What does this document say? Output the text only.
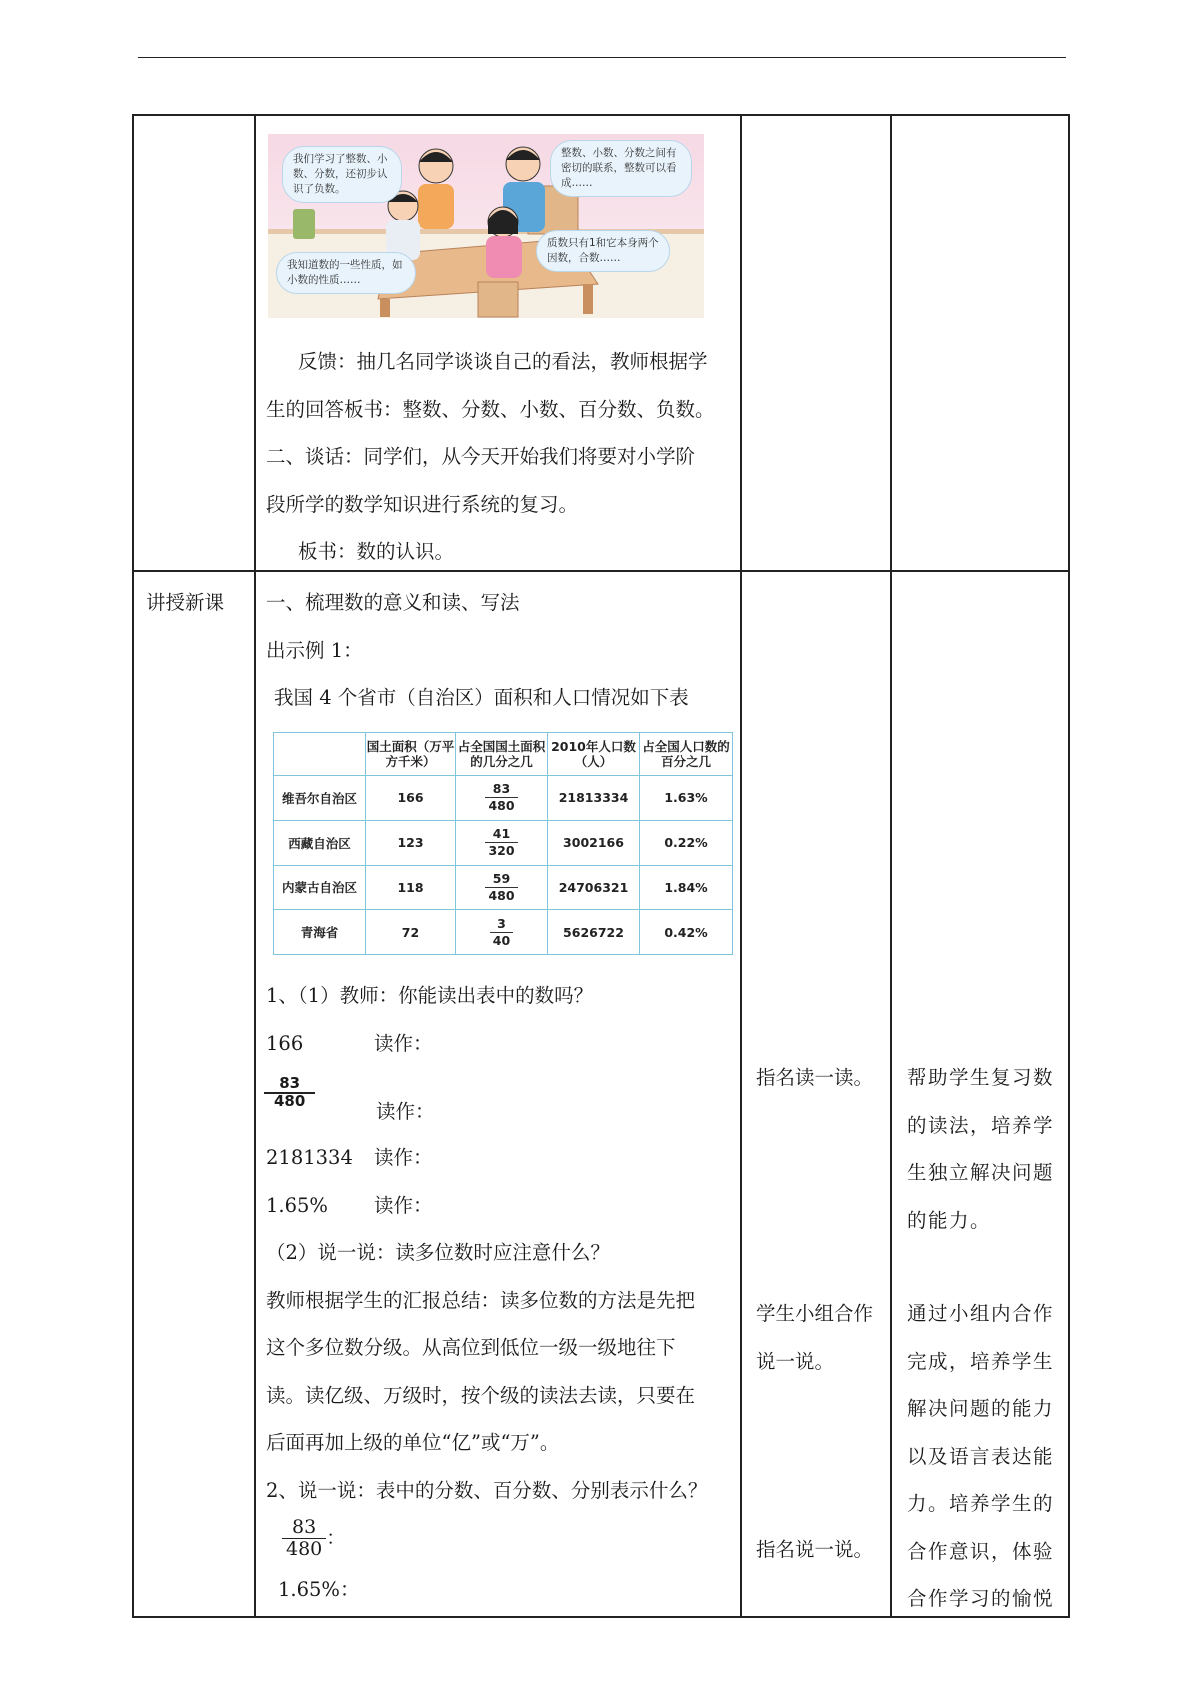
我们学习了整数、小数、分数，还初步认识了负数。
整数、小数、分数之间有密切的联系，整数可以看成……
我知道数的一些性质，如小数的性质……
质数只有1和它本身两个因数，合数……

反馈：抽几名同学谈谈自己的看法，教师根据学

生的回答板书：整数、分数、小数、百分数、负数。

二、谈话：同学们，从今天开始我们将要对小学阶

段所学的数学知识进行系统的复习。

板书：数的认识。

讲授新课 一、梳理数的意义和读、写法

出示例 1：

我国 4 个省市（自治区）面积和人口情况如下表

	国土面积（万平方千米）	占全国国土面积的几分之几	2010年人口数（人）	占全国人口数的百分之几
维吾尔自治区	166	$\frac{83}{480}$	21813334	1.63%
西藏自治区	123	$\frac{41}{320}$	3002166	0.22%
内蒙古自治区	118	$\frac{59}{480}$	24706321	1.84%
青海省	72	$\frac{3}{40}$	5626722	0.42%

1、（1）教师：你能读出表中的数吗？

166	读作：

$\frac{83}{480}$
读作：

2181334 读作：

1.65% 读作：

（2）说一说：读多位数时应注意什么？

教师根据学生的汇报总结：读多位数的方法是先把

这个多位数分级。从高位到低位一级一级地往下

读。读亿级、万级时，按个级的读法去读，只要在

后面再加上级的单位“亿”或“万”。

2、说一说：表中的分数、百分数、分别表示什么？

$\frac{83}{480}$ ：
1.65%：
指名读一读。

学生小组合作

说一说。

指名说一说。

帮助学生复习数

的读法，培养学

生独立解决问题

的能力。

通过小组内合作

完成，培养学生

解决问题的能力

以及语言表达能

力。培养学生的

合作意识，体验

合作学习的愉悦
